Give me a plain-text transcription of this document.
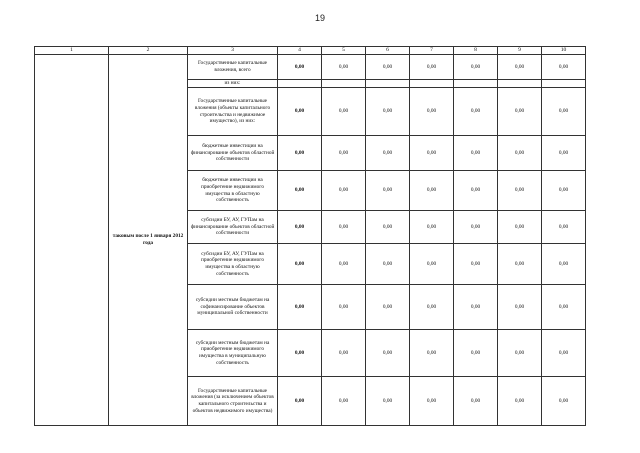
19
1	2	3	4	5	6	7	8	9	10
	таковым после 1 января 2012 года	Государственные капитальные вложения, всего	0,00	0,00	0,00	0,00	0,00	0,00	0,00
		из них:							
		Государственные капитальные вложения (объекты капитального строительства и недвижимое имущество), из них:	0,00	0,00	0,00	0,00	0,00	0,00	0,00
		бюджетные инвестиции на финансирование объектов областной собственности	0,00	0,00	0,00	0,00	0,00	0,00	0,00
		бюджетные инвестиции на приобретение недвижимого имущества в областную собственность	0,00	0,00	0,00	0,00	0,00	0,00	0,00
		субсидии БУ, АУ, ГУПам на финансирование объектов областной собственности	0,00	0,00	0,00	0,00	0,00	0,00	0,00
		субсидии БУ, АУ, ГУПам на приобретение недвижимого имущества в областную собственность	0,00	0,00	0,00	0,00	0,00	0,00	0,00
		субсидии местным бюджетам на софинансирование объектов муниципальной собственности	0,00	0,00	0,00	0,00	0,00	0,00	0,00
		субсидии местным бюджетам на приобретение недвижимого имущества в муниципальную собственность	0,00	0,00	0,00	0,00	0,00	0,00	0,00
		Государственные капитальные вложения (за исключением объектов капитального строительства и объектов недвижимого имущества)	0,00	0,00	0,00	0,00	0,00	0,00	0,00
